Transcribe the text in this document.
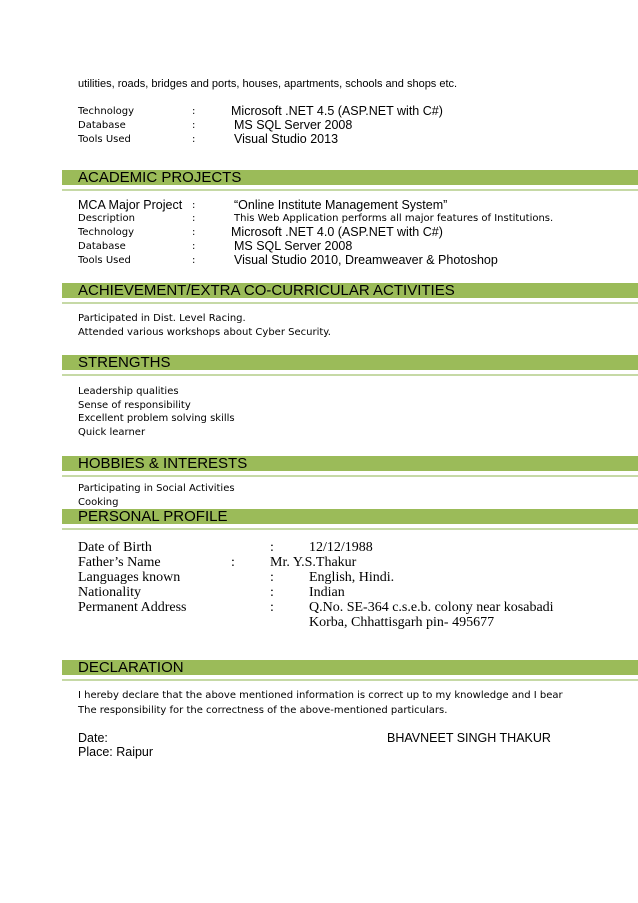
utilities, roads, bridges and ports, houses, apartments, schools and shops etc.
Technology	:	Microsoft .NET 4.5 (ASP.NET with C#)
Database	:	MS SQL Server 2008
Tools Used	:	Visual Studio 2013
ACADEMIC PROJECTS
MCA Major Project :	“Online Institute Management System”
Description	:	This Web Application performs all major features of Institutions.
Technology	:	Microsoft .NET 4.0 (ASP.NET with C#)
Database	:	MS SQL Server 2008
Tools Used	:	Visual Studio 2010, Dreamweaver & Photoshop
ACHIEVEMENT/EXTRA CO-CURRICULAR ACTIVITIES
Participated in Dist. Level Racing.
Attended various workshops about Cyber Security.
STRENGTHS
Leadership qualities
Sense of responsibility
Excellent problem solving skills
Quick learner
HOBBIES & INTERESTS
Participating in Social Activities
Cooking
PERSONAL PROFILE
Date of Birth	:	12/12/1988
Father’s Name	:	Mr. Y.S.Thakur
Languages known	:	English, Hindi.
Nationality	:	Indian
Permanent Address	:	Q.No. SE-364 c.s.e.b. colony near kosabadi
Korba, Chhattisgarh pin- 495677
DECLARATION
I hereby declare that the above mentioned information is correct up to my knowledge and I bear
The responsibility for the correctness of the above-mentioned particulars.
Date:
Place: Raipur
BHAVNEET SINGH THAKUR
